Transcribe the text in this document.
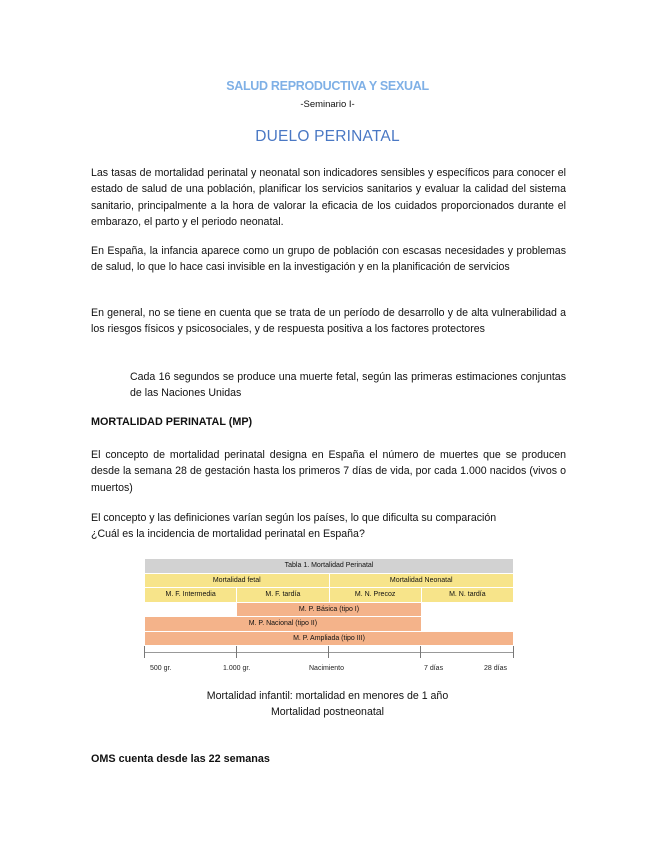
SALUD REPRODUCTIVA Y SEXUAL
-Seminario I-
DUELO PERINATAL

Las tasas de mortalidad perinatal y neonatal son indicadores sensibles y específicos para conocer el estado de salud de una población, planificar los servicios sanitarios y evaluar la calidad del sistema sanitario, principalmente a la hora de valorar la eficacia de los cuidados proporcionados durante el embarazo, el parto y el periodo neonatal.

En España, la infancia aparece como un grupo de población con escasas necesidades y problemas de salud, lo que lo hace casi invisible en la investigación y en la planificación de servicios

En general, no se tiene en cuenta que se trata de un período de desarrollo y de alta vulnerabilidad a los riesgos físicos y psicosociales, y de respuesta positiva a los factores protectores

Cada 16 segundos se produce una muerte fetal, según las primeras estimaciones conjuntas de las Naciones Unidas

MORTALIDAD PERINATAL (MP)

El concepto de mortalidad perinatal designa en España el número de muertes que se producen desde la semana 28 de gestación hasta los primeros 7 días de vida, por cada 1.000 nacidos (vivos o muertos)

El concepto y las definiciones varían según los países, lo que dificulta su comparación

¿Cuál es la incidencia de mortalidad perinatal en España?

Tabla 1. Mortalidad Perinatal			
Mortalidad fetal		Mortalidad Neonatal	
M. F. Intermedia	M. F. tardía	M. N. Precoz	M. N. tardía
	M. P. Básica (tipo I)		
M. P. Nacional (tipo II)			
M. P. Ampliada (tipo III)			
500 gr.	1.000 gr.	Nacimiento	7 días	28 días
Mortalidad infantil: mortalidad en menores de 1 año
Mortalidad postneonatal

OMS cuenta desde las 22 semanas
